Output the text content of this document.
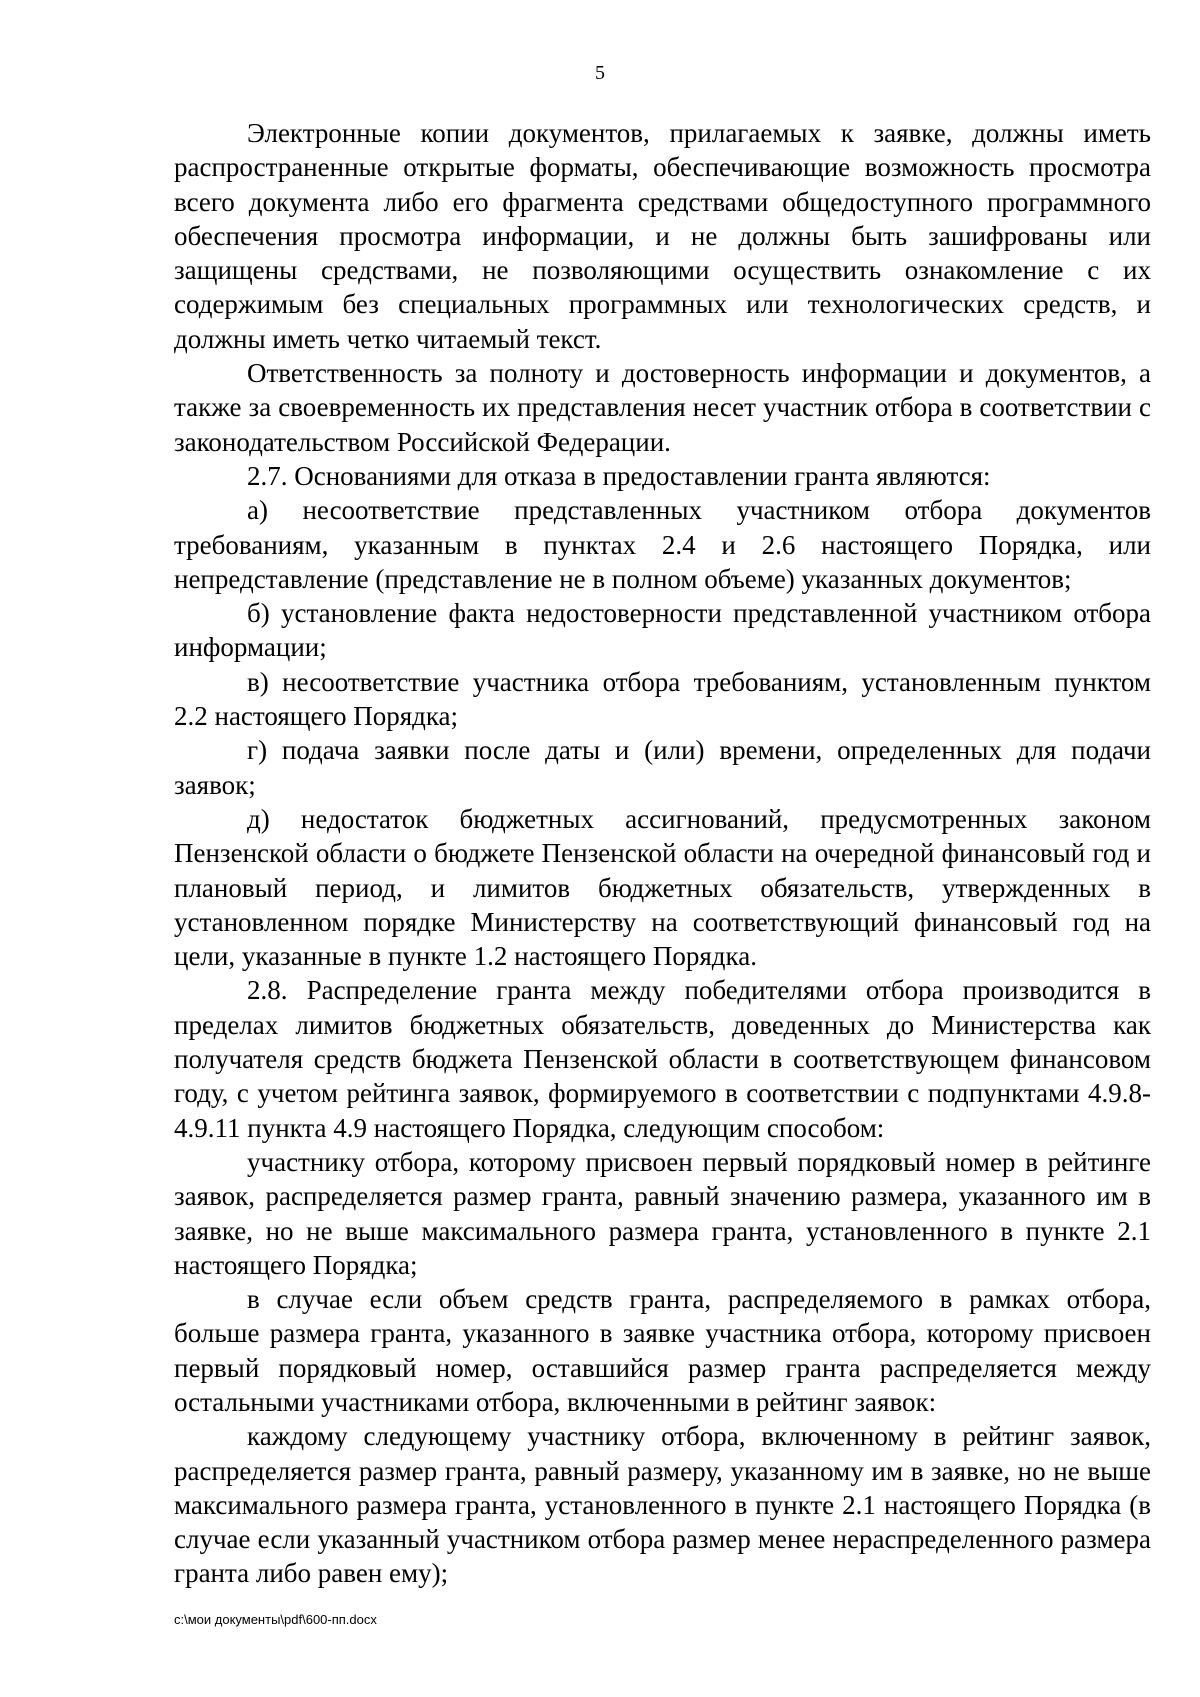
5

Электронные копии документов, прилагаемых к заявке, должны иметь распространенные открытые форматы, обеспечивающие возможность просмотра всего документа либо его фрагмента средствами общедоступного программного обеспечения просмотра информации, и не должны быть зашифрованы или защищены средствами, не позволяющими осуществить ознакомление с их содержимым без специальных программных или технологических средств, и должны иметь четко читаемый текст.

Ответственность за полноту и достоверность информации и документов, а также за своевременность их представления несет участник отбора в соответствии с законодательством Российской Федерации.

2.7. Основаниями для отказа в предоставлении гранта являются:

а) несоответствие представленных участником отбора документов требованиям, указанным в пунктах 2.4 и 2.6 настоящего Порядка, или непредставление (представление не в полном объеме) указанных документов;

б) установление факта недостоверности представленной участником отбора информации;

в) несоответствие участника отбора требованиям, установленным пунктом 2.2 настоящего Порядка;

г) подача заявки после даты и (или) времени, определенных для подачи заявок;

д) недостаток бюджетных ассигнований, предусмотренных законом Пензенской области о бюджете Пензенской области на очередной финансовый год и плановый период, и лимитов бюджетных обязательств, утвержденных в установленном порядке Министерству на соответствующий финансовый год на цели, указанные в пункте 1.2 настоящего Порядка.

2.8. Распределение гранта между победителями отбора производится в пределах лимитов бюджетных обязательств, доведенных до Министерства как получателя средств бюджета Пензенской области в соответствующем финансовом году, с учетом рейтинга заявок, формируемого в соответствии с подпунктами 4.9.8-4.9.11 пункта 4.9 настоящего Порядка, следующим способом:

участнику отбора, которому присвоен первый порядковый номер в рейтинге заявок, распределяется размер гранта, равный значению размера, указанного им в заявке, но не выше максимального размера гранта, установленного в пункте 2.1 настоящего Порядка;

в случае если объем средств гранта, распределяемого в рамках отбора, больше размера гранта, указанного в заявке участника отбора, которому присвоен первый порядковый номер, оставшийся размер гранта распределяется между остальными участниками отбора, включенными в рейтинг заявок:

каждому следующему участнику отбора, включенному в рейтинг заявок, распределяется размер гранта, равный размеру, указанному им в заявке, но не выше максимального размера гранта, установленного в пункте 2.1 настоящего Порядка (в случае если указанный участником отбора размер менее нераспределенного размера гранта либо равен ему);

c:\мои документы\pdf\600-пп.docx
